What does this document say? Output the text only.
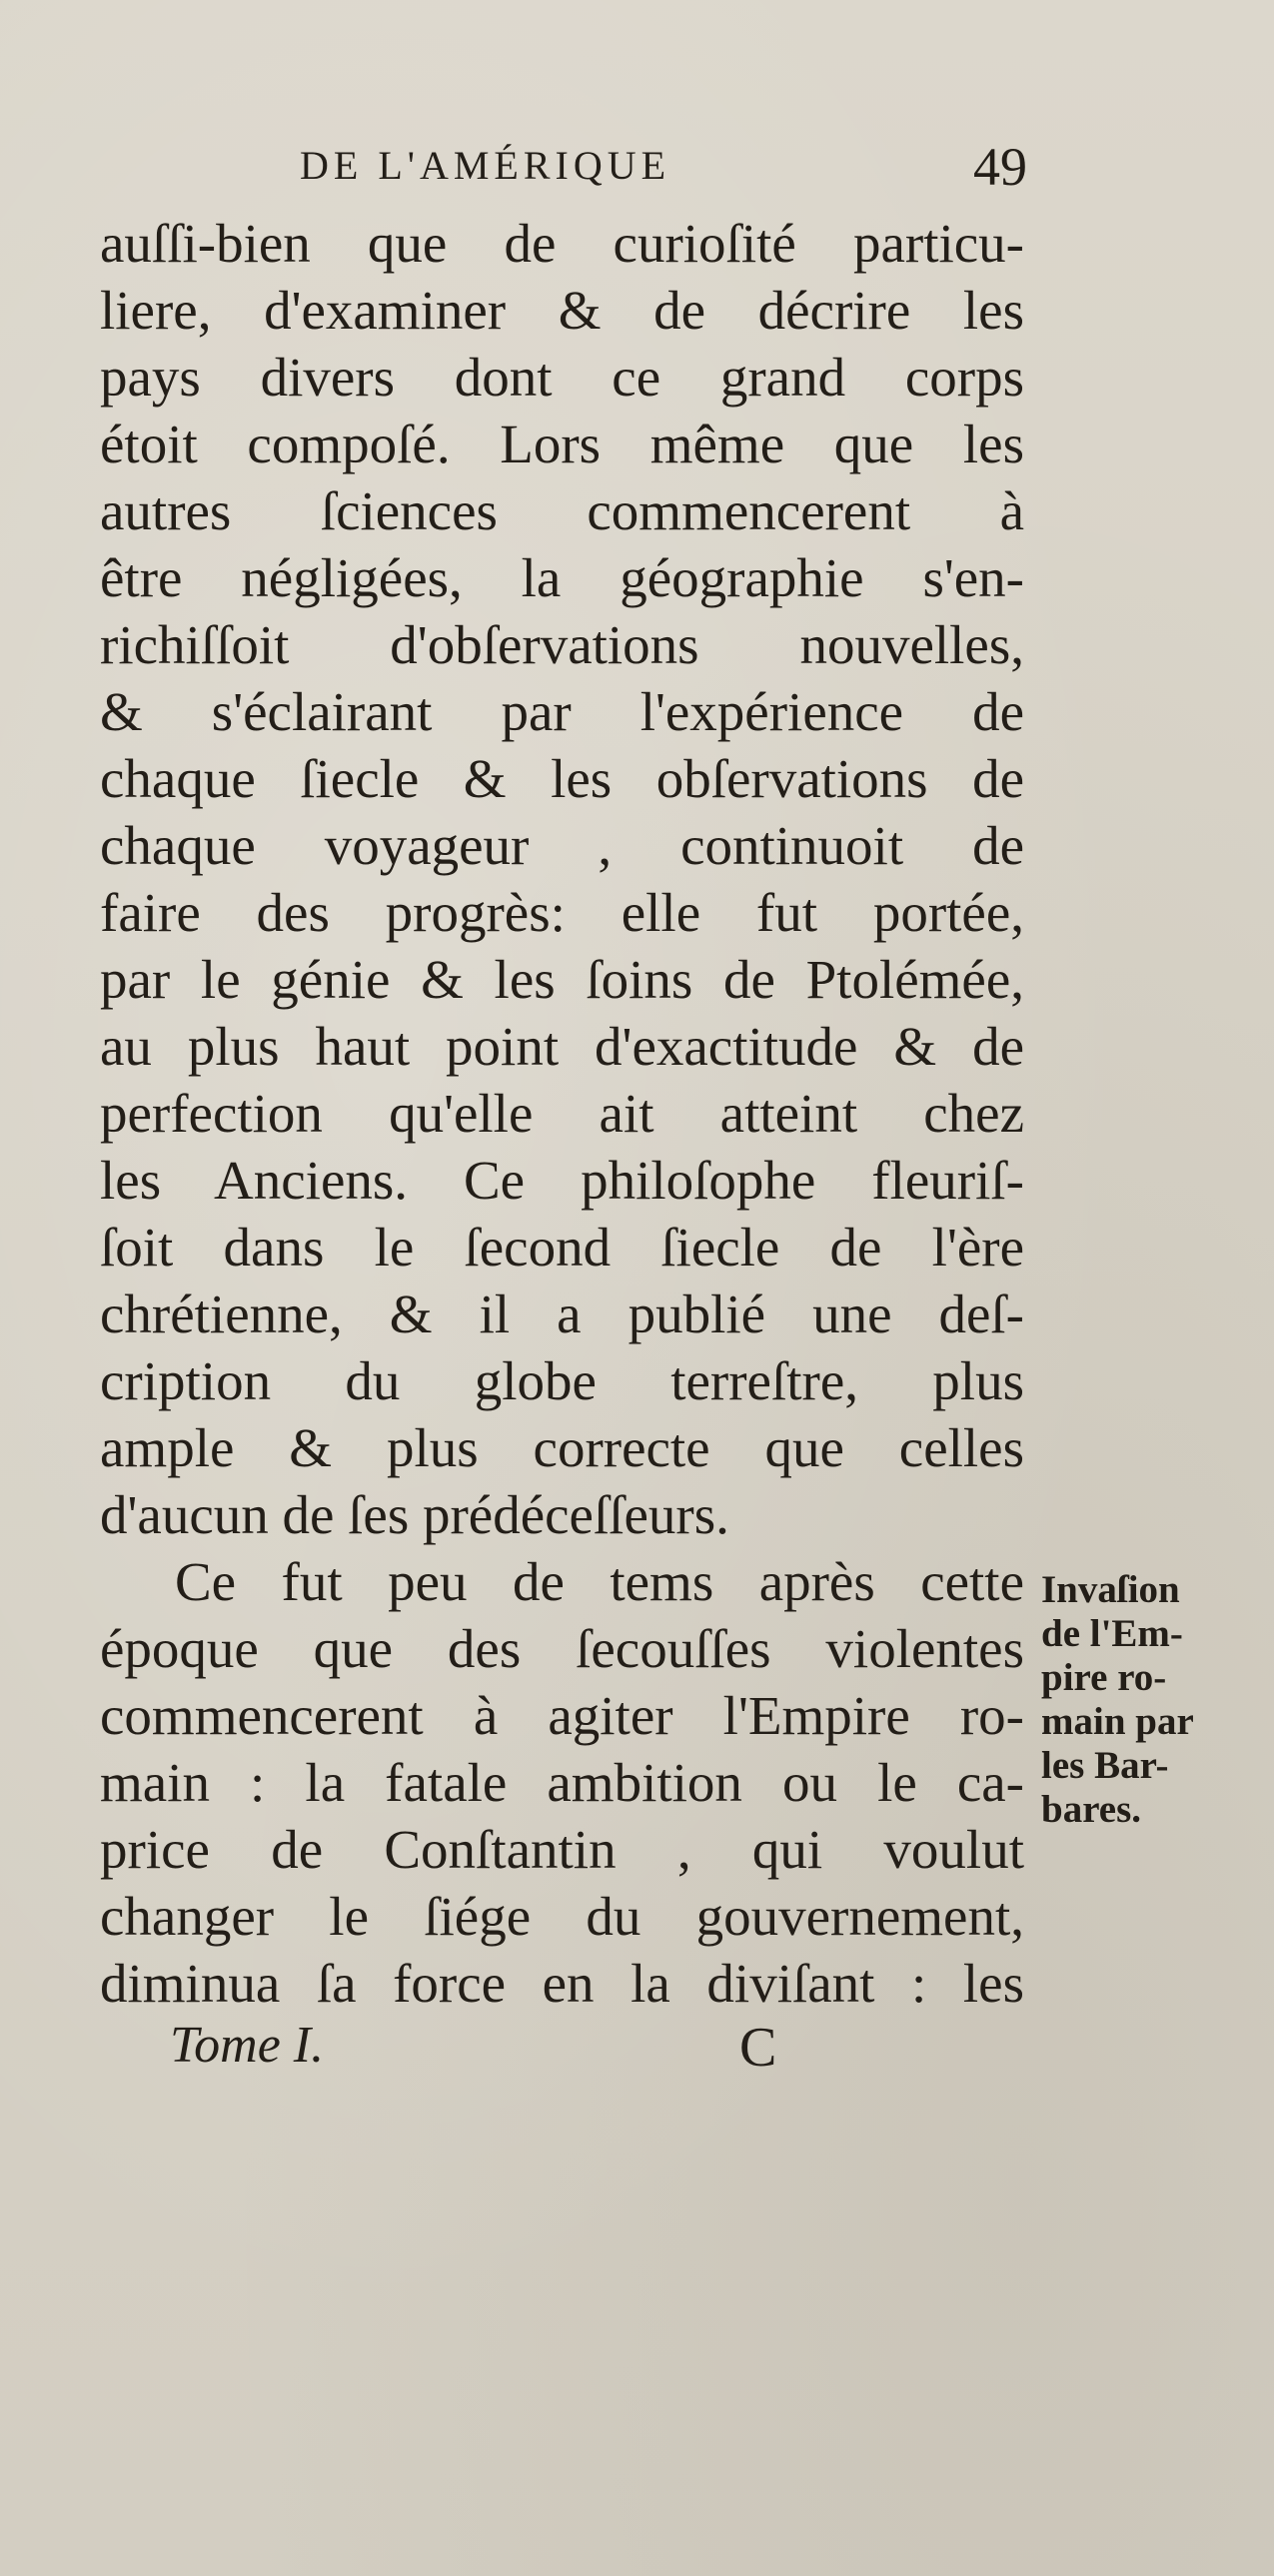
DE L'AMÉRIQUE	49
auſſi-bien que de curioſité particu-
liere, d'examiner & de décrire les
pays divers dont ce grand corps
étoit compoſé. Lors même que les
autres ſciences commencerent à
être négligées, la géographie s'en-
richiſſoit d'obſervations nouvelles,
& s'éclairant par l'expérience de
chaque ſiecle & les obſervations de
chaque voyageur , continuoit de
faire des progrès: elle fut portée,
par le génie & les ſoins de Ptolémée,
au plus haut point d'exactitude & de
perfection qu'elle ait atteint chez
les Anciens. Ce philoſophe fleuriſ-
ſoit dans le ſecond ſiecle de l'ère
chrétienne, & il a publié une deſ-
cription du globe terreſtre, plus
ample & plus correcte que celles
d'aucun de ſes prédéceſſeurs.
Ce fut peu de tems après cette
époque que des ſecouſſes violentes
commencerent à agiter l'Empire ro-
main : la fatale ambition ou le ca-
price de Conſtantin , qui voulut
changer le ſiége du gouvernement,
diminua ſa force en la diviſant : les
Invaſion
de l'Em-
pire ro-
main par
les Bar-
bares.
Tome I.	C
